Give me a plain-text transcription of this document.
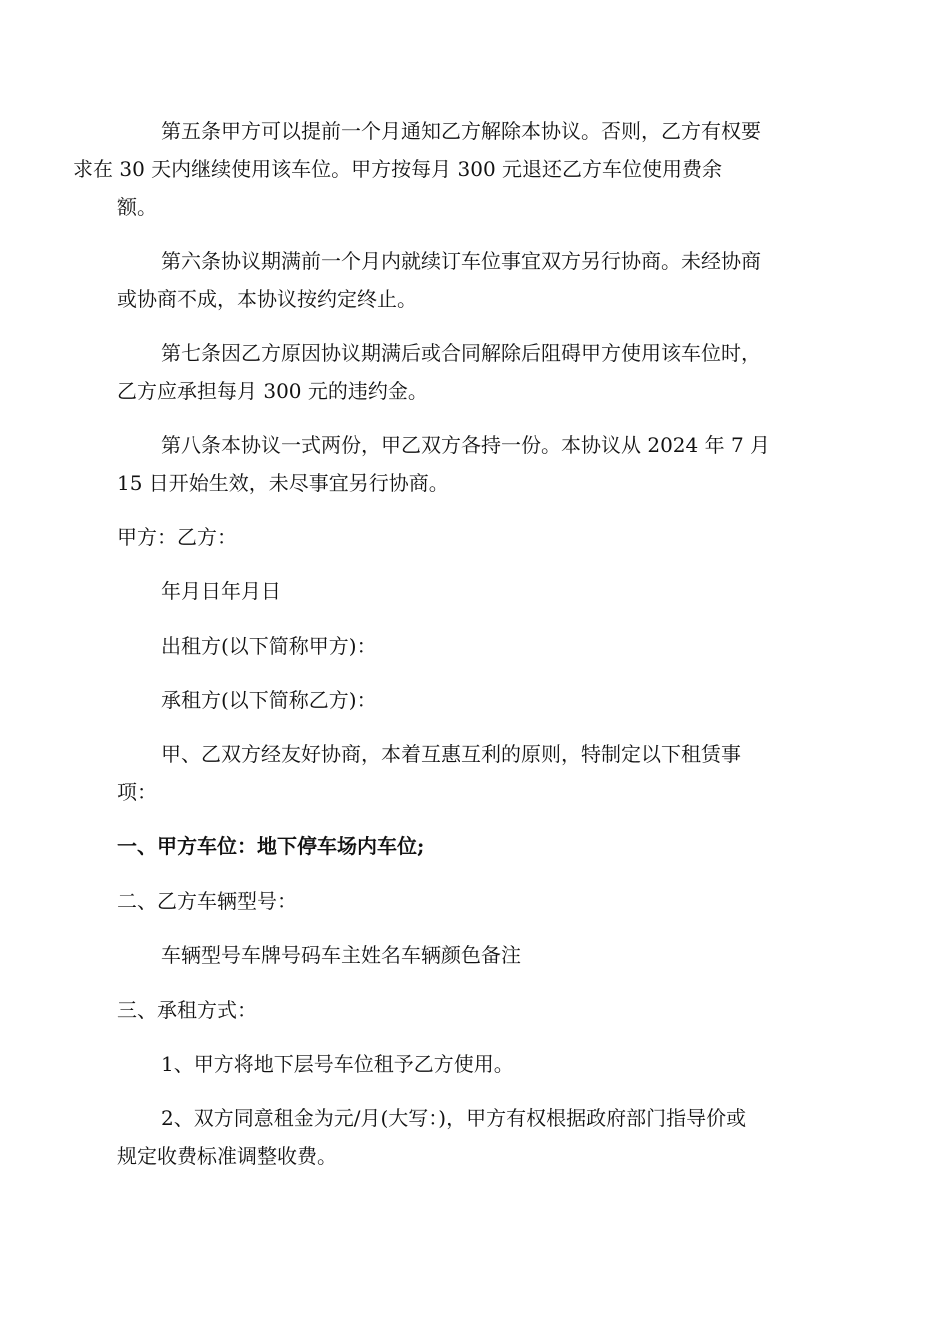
第五条甲方可以提前一个月通知乙方解除本协议。否则，乙方有权要
求在 30 天内继续使用该车位。甲方按每月 300 元退还乙方车位使用费余
额。
第六条协议期满前一个月内就续订车位事宜双方另行协商。未经协商
或协商不成，本协议按约定终止。
第七条因乙方原因协议期满后或合同解除后阻碍甲方使用该车位时，
乙方应承担每月 300 元的违约金。
第八条本协议一式两份，甲乙双方各持一份。本协议从 2024 年 7 月
15 日开始生效，未尽事宜另行协商。
甲方：乙方：
年月日年月日
出租方(以下简称甲方)：
承租方(以下简称乙方)：
甲、乙双方经友好协商，本着互惠互利的原则，特制定以下租赁事
项：
一、甲方车位：地下停车场内车位;
二、乙方车辆型号：
车辆型号车牌号码车主姓名车辆颜色备注
三、承租方式：
1、甲方将地下层号车位租予乙方使用。
2、双方同意租金为元/月(大写：)，甲方有权根据政府部门指导价或
规定收费标准调整收费。
